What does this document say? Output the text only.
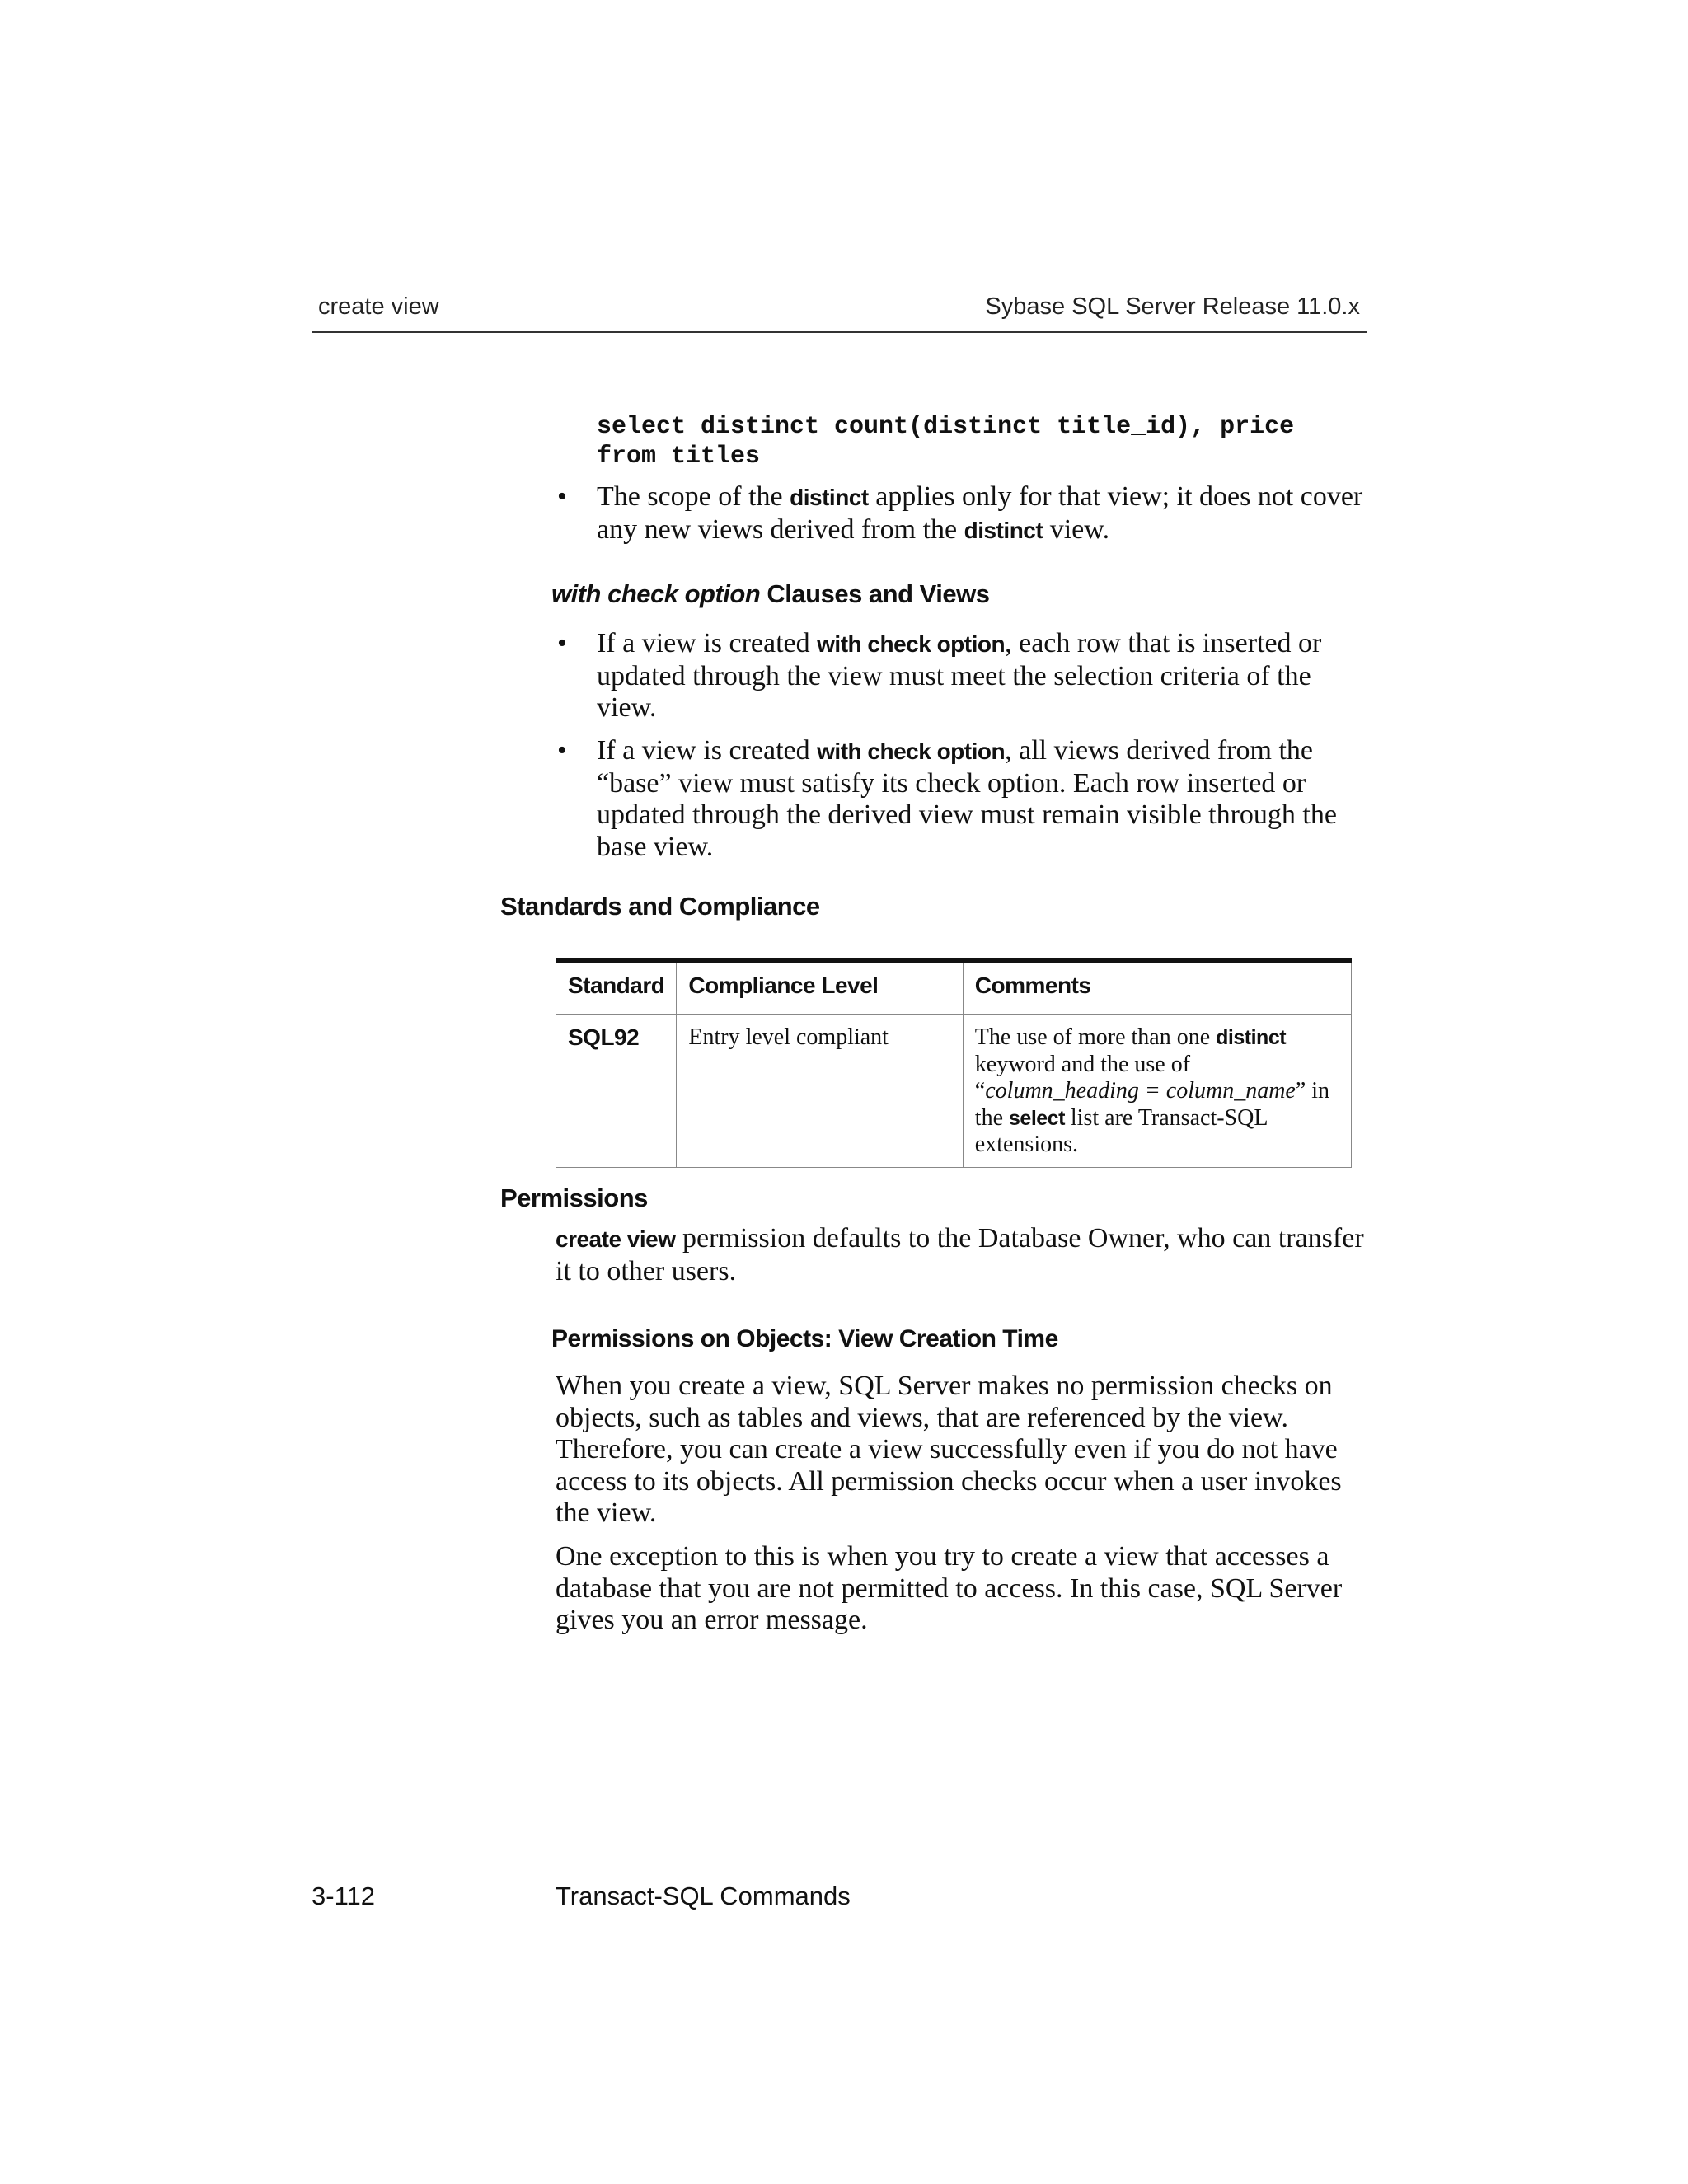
create view	Sybase SQL Server Release 11.0.x
select distinct count(distinct title_id), price
from titles
• The scope of the distinct applies only for that view; it does not cover any new views derived from the distinct view.
with check option Clauses and Views
• If a view is created with check option, each row that is inserted or updated through the view must meet the selection criteria of the view.
• If a view is created with check option, all views derived from the “base” view must satisfy its check option. Each row inserted or updated through the derived view must remain visible through the base view.
Standards and Compliance
Standard	Compliance Level	Comments
SQL92	Entry level compliant	The use of more than one distinct keyword and the use of “column_heading = column_name” in the select list are Transact-SQL extensions.
Permissions
create view permission defaults to the Database Owner, who can transfer it to other users.
Permissions on Objects: View Creation Time
When you create a view, SQL Server makes no permission checks on objects, such as tables and views, that are referenced by the view. Therefore, you can create a view successfully even if you do not have access to its objects. All permission checks occur when a user invokes the view.
One exception to this is when you try to create a view that accesses a database that you are not permitted to access. In this case, SQL Server gives you an error message.
3-112	Transact-SQL Commands
